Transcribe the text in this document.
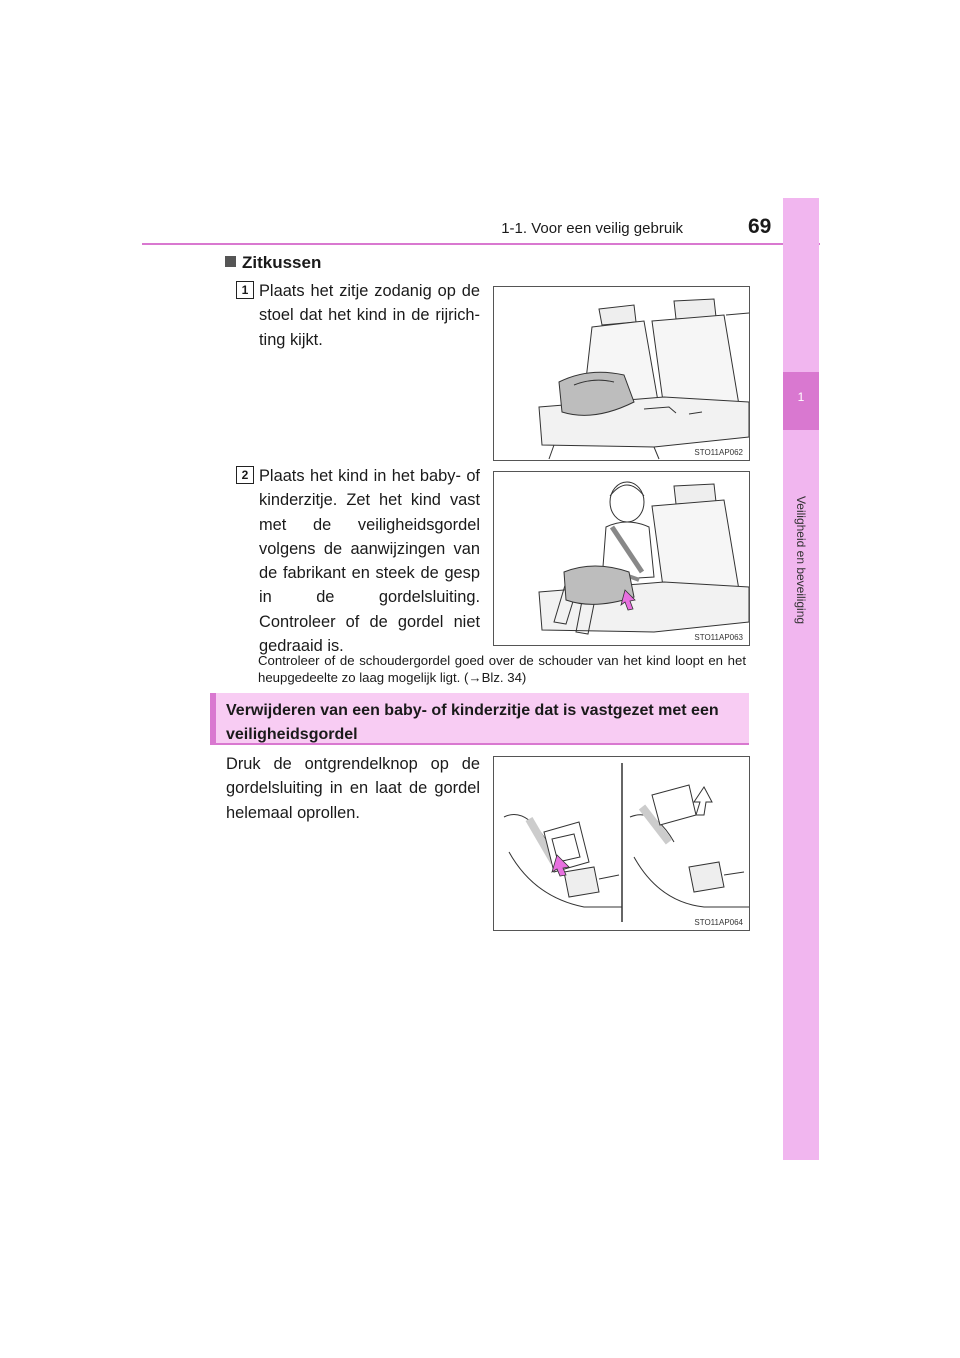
1-1. Voor een veilig gebruik	69
1
Veiligheid en beveiliging
Zitkussen
1 Plaats het zitje zodanig op de stoel dat het kind in de rijrich-ting kijkt.
STO11AP062
2 Plaats het kind in het baby- of kinderzitje. Zet het kind vast met de veiligheidsgordel volgens de aanwijzingen van de fabrikant en steek de gesp in de gordelsluiting. Controleer of de gordel niet gedraaid is.	STO11AP063
Controleer of de schoudergordel goed over de schouder van het kind loopt en het heupgedeelte zo laag mogelijk ligt. (→Blz. 34)
Verwijderen van een baby- of kinderzitje dat is vastgezet met een veiligheidsgordel
Druk de ontgrendelknop op de gordelsluiting in en laat de gordel helemaal oprollen.
STO11AP064
